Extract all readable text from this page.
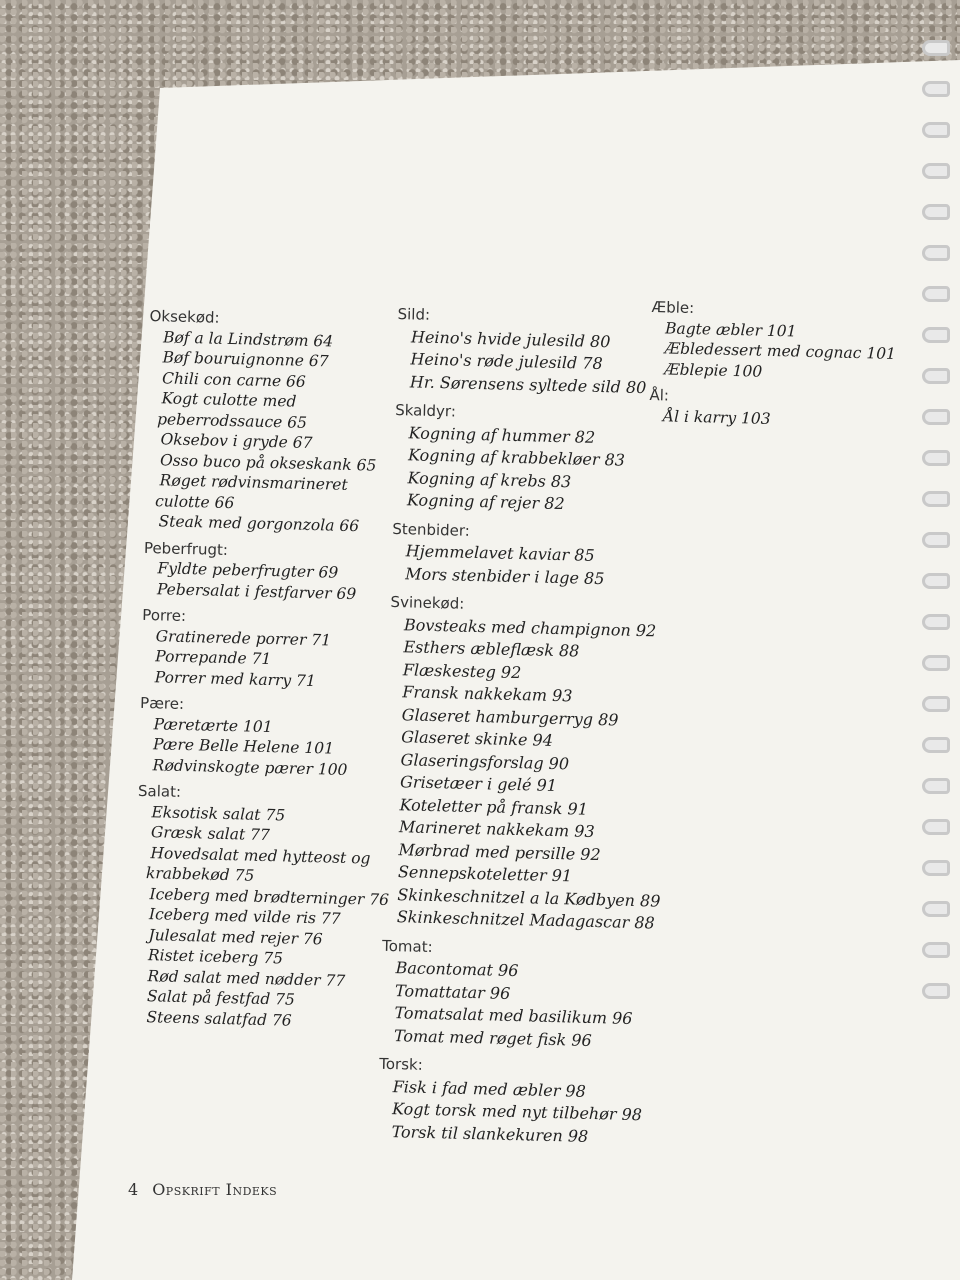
Oksekød:
Bøf a la Lindstrøm 64
Bøf bouruignonne 67
Chili con carne 66
Kogt culotte med
peberrodssauce 65
Oksebov i gryde 67
Osso buco på okseskank 65
Røget rødvinsmarineret
culotte 66
Steak med gorgonzola 66
Peberfrugt:
Fyldte peberfrugter 69
Pebersalat i festfarver 69
Porre:
Gratinerede porrer 71
Porrepande 71
Porrer med karry 71
Pære:
Pæretærte 101
Pære Belle Helene 101
Rødvinskogte pærer 100
Salat:
Eksotisk salat 75
Græsk salat 77
Hovedsalat med hytteost og
krabbekød 75
Iceberg med brødterninger 76
Iceberg med vilde ris 77
Julesalat med rejer 76
Ristet iceberg 75
Rød salat med nødder 77
Salat på festfad 75
Steens salatfad 76
Sild:
Heino's hvide julesild 80
Heino's røde julesild 78
Hr. Sørensens syltede sild 80
Skaldyr:
Kogning af hummer 82
Kogning af krabbekløer 83
Kogning af krebs 83
Kogning af rejer 82
Stenbider:
Hjemmelavet kaviar 85
Mors stenbider i lage 85
Svinekød:
Bovsteaks med champignon 92
Esthers æbleflæsk 88
Flæskesteg 92
Fransk nakkekam 93
Glaseret hamburgerryg 89
Glaseret skinke 94
Glaseringsforslag 90
Grisetæer i gelé 91
Koteletter på fransk 91
Marineret nakkekam 93
Mørbrad med persille 92
Sennepskoteletter 91
Skinkeschnitzel a la Kødbyen 89
Skinkeschnitzel Madagascar 88
Tomat:
Bacontomat 96
Tomattatar 96
Tomatsalat med basilikum 96
Tomat med røget fisk 96
Torsk:
Fisk i fad med æbler 98
Kogt torsk med nyt tilbehør 98
Torsk til slankekuren 98
Æble:
Bagte æbler 101
Æbledessert med cognac 101
Æblepie 100
Ål:
Ål i karry 103
4 Opskrift Indeks
